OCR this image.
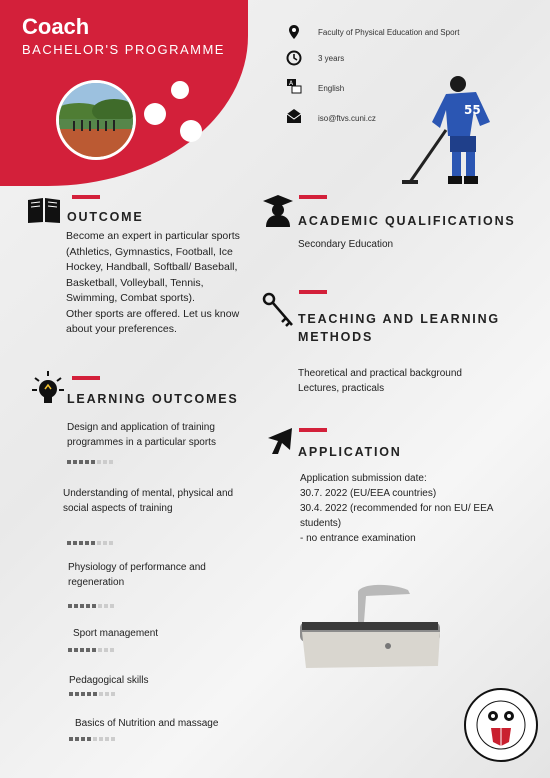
Coach
BACHELOR'S PROGRAMME
Faculty of Physical Education and Sport
3 years
A
English
iso@ftvs.cuni.cz
55
OUTCOME
Become an expert in particular sports (Athletics, Gymnastics, Football, Ice Hockey, Handball, Softball/ Baseball, Basketball, Volleyball, Tennis, Swimming, Combat sports).
Other sports are offered. Let us know about your preferences.
LEARNING OUTCOMES
Design and application of training programmes in a particular sports
Understanding of mental, physical and social aspects of training
Physiology of performance and regeneration
Sport management
Pedagogical skills
Basics of Nutrition and massage
ACADEMIC QUALIFICATIONS
Secondary Education
TEACHING AND LEARNING METHODS
Theoretical and practical background
Lectures, practicals
APPLICATION
Application submission date:
30.7. 2022 (EU/EEA countries)
30.4. 2022 (recommended for non EU/ EEA students)
- no entrance examination
